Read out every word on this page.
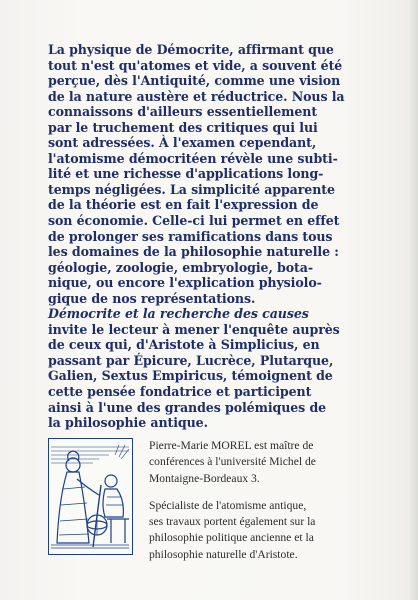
La physique de Démocrite, affirmant que
tout n'est qu'atomes et vide, a souvent été
perçue, dès l'Antiquité, comme une vision
de la nature austère et réductrice. Nous la
connaissons d'ailleurs essentiellement
par le truchement des critiques qui lui
sont adressées. À l'examen cependant,
l'atomisme démocritéen révèle une subti-
lité et une richesse d'applications long-
temps négligées. La simplicité apparente
de la théorie est en fait l'expression de
son économie. Celle-ci lui permet en effet
de prolonger ses ramifications dans tous
les domaines de la philosophie naturelle :
géologie, zoologie, embryologie, bota-
nique, ou encore l'explication physiolo-
gique de nos représentations.
Démocrite et la recherche des causes
invite le lecteur à mener l'enquête auprès
de ceux qui, d'Aristote à Simplicius, en
passant par Épicure, Lucrèce, Plutarque,
Galien, Sextus Empiricus, témoignent de
cette pensée fondatrice et participent
ainsi à l'une des grandes polémiques de
la philosophie antique.
Pierre-Marie MOREL est maître de
conférences à l'université Michel de
Montaigne-Bordeaux 3.
Spécialiste de l'atomisme antique,
ses travaux portent également sur la
philosophie politique ancienne et la
philosophie naturelle d'Aristote.
